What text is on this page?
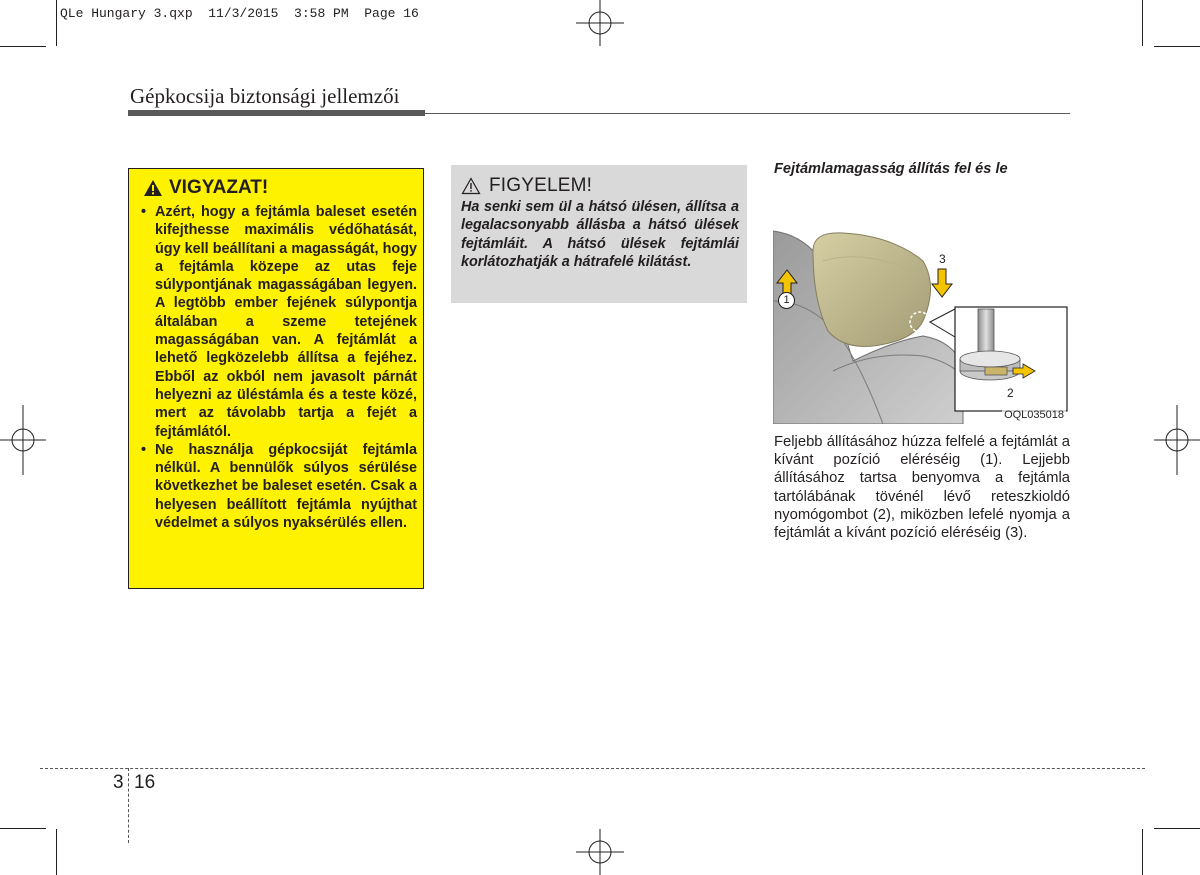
QLe Hungary 3.qxp  11/3/2015  3:58 PM  Page 16
Gépkocsija biztonsági jellemzői
VIGYAZAT!
• Azért, hogy a fejtámla baleset esetén kifejthesse maximális védőhatását, úgy kell beállítani a magasságát, hogy a fejtámla közepe az utas feje súlypontjának magasságában legyen. A legtöbb ember fejének súlypontja általában a szeme tetejének magasságában van. A fejtámlát a lehető legközelebb állítsa a fejéhez. Ebből az okból nem javasolt párnát helyezni az üléstámla és a teste közé, mert az távolabb tartja a fejét a fejtámlától.
• Ne használja gépkocsiját fejtámla nélkül. A bennülők súlyos sérülése következhet be baleset esetén. Csak a helyesen beállított fejtámla nyújthat védelmet a súlyos nyaksérülés ellen.
FIGYELEM!
Ha senki sem ül a hátsó ülésen, állítsa a legalacsonyabb állásba a hátsó ülések fejtámláit. A hátsó ülések fejtámlái korlátozhatják a hátrafelé kilátást.
Fejtámlamagasság állítás fel és le
1
2
3
OQL035018
Feljebb állításához húzza felfelé a fejtámlát a kívánt pozíció eléréséig (1). Lejjebb állításához tartsa benyomva a fejtámla tartólábának tövénél lévő reteszkioldó nyomógombot (2), miközben lefelé nyomja a fejtámlát a kívánt pozíció eléréséig (3).
3 16
